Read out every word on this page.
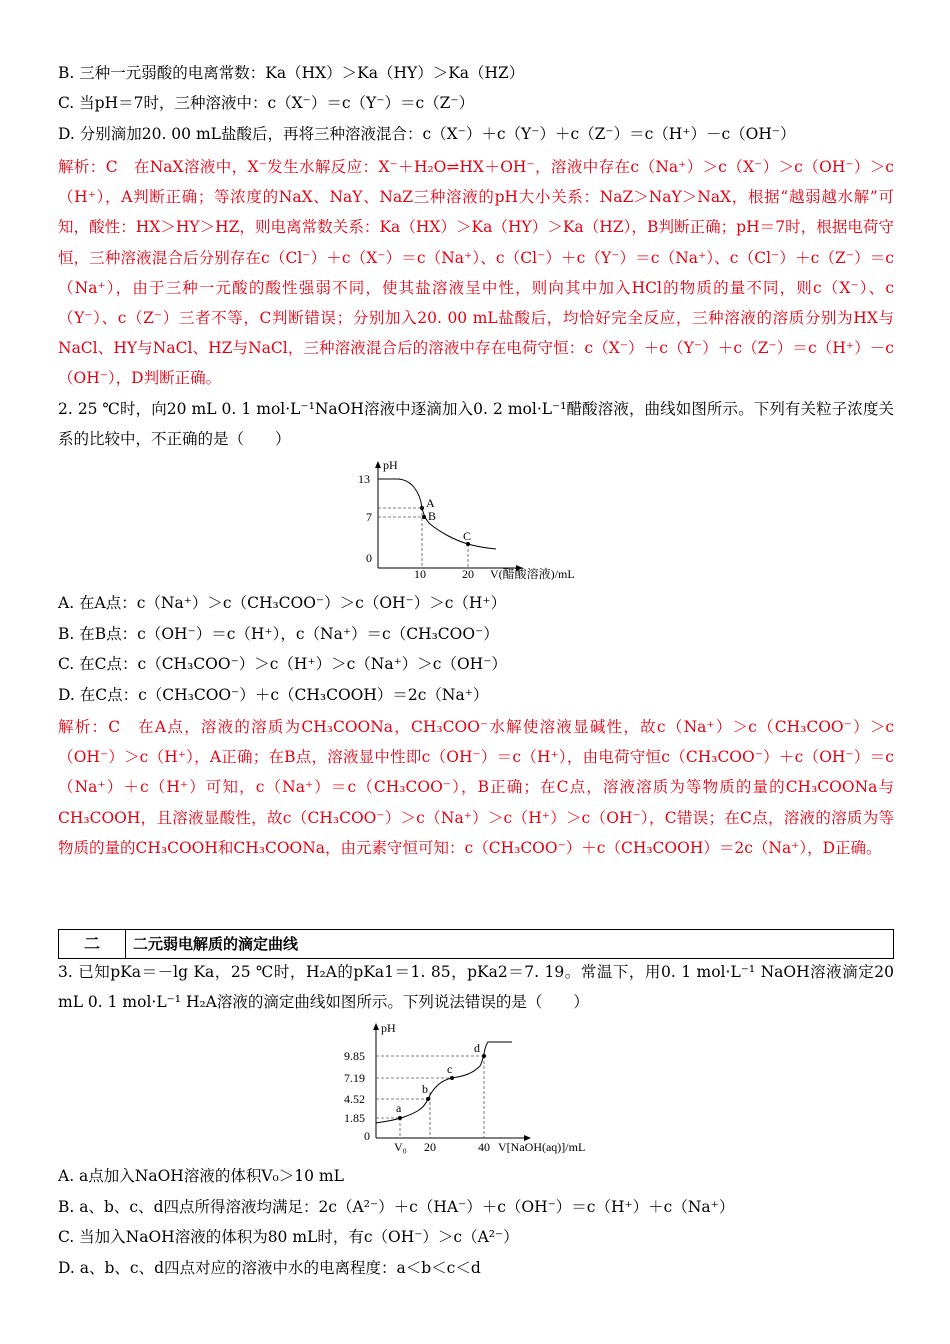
B. 三种一元弱酸的电离常数：Ka（HX）＞Ka（HY）＞Ka（HZ）
C. 当pH＝7时，三种溶液中：c（X⁻）＝c（Y⁻）＝c（Z⁻）
D. 分别滴加20. 00 mL盐酸后，再将三种溶液混合：c（X⁻）＋c（Y⁻）＋c（Z⁻）＝c（H⁺）－c（OH⁻）
解析：C　在NaX溶液中，X⁻发生水解反应：X⁻＋H₂O⇌HX＋OH⁻，溶液中存在c（Na⁺）＞c（X⁻）＞c（OH⁻）＞c（H⁺），A判断正确；等浓度的NaX、NaY、NaZ三种溶液的pH大小关系：NaZ＞NaY＞NaX，根据“越弱越水解”可知，酸性：HX＞HY＞HZ，则电离常数关系：Ka（HX）＞Ka（HY）＞Ka（HZ），B判断正确；pH＝7时，根据电荷守恒，三种溶液混合后分别存在c（Cl⁻）＋c（X⁻）＝c（Na⁺）、c（Cl⁻）＋c（Y⁻）＝c（Na⁺）、c（Cl⁻）＋c（Z⁻）＝c（Na⁺），由于三种一元酸的酸性强弱不同，使其盐溶液呈中性，则向其中加入HCl的物质的量不同，则c（X⁻）、c（Y⁻）、c（Z⁻）三者不等，C判断错误；分别加入20. 00 mL盐酸后，均恰好完全反应，三种溶液的溶质分别为HX与NaCl、HY与NaCl、HZ与NaCl，三种溶液混合后的溶液中存在电荷守恒：c（X⁻）＋c（Y⁻）＋c（Z⁻）＝c（H⁺）－c（OH⁻），D判断正确。
2. 25 ℃时，向20 mL 0. 1 mol·L⁻¹NaOH溶液中逐滴加入0. 2 mol·L⁻¹醋酸溶液，曲线如图所示。下列有关粒子浓度关系的比较中，不正确的是（　　）
pH
13
7
0
A
B
C
10	20 V(醋酸溶液)/mL
A. 在A点：c（Na⁺）＞c（CH₃COO⁻）＞c（OH⁻）＞c（H⁺）
B. 在B点：c（OH⁻）＝c（H⁺），c（Na⁺）＝c（CH₃COO⁻）
C. 在C点：c（CH₃COO⁻）＞c（H⁺）＞c（Na⁺）＞c（OH⁻）
D. 在C点：c（CH₃COO⁻）＋c（CH₃COOH）＝2c（Na⁺）
解析：C　在A点，溶液的溶质为CH₃COONa，CH₃COO⁻水解使溶液显碱性，故c（Na⁺）＞c（CH₃COO⁻）＞c（OH⁻）＞c（H⁺），A正确；在B点，溶液显中性即c（OH⁻）＝c（H⁺），由电荷守恒c（CH₃COO⁻）＋c（OH⁻）＝c（Na⁺）＋c（H⁺）可知，c（Na⁺）＝c（CH₃COO⁻），B正确；在C点，溶液溶质为等物质的量的CH₃COONa与CH₃COOH，且溶液显酸性，故c（CH₃COO⁻）＞c（Na⁺）＞c（H⁺）＞c（OH⁻），C错误；在C点，溶液的溶质为等物质的量的CH₃COOH和CH₃COONa，由元素守恒可知：c（CH₃COO⁻）＋c（CH₃COOH）＝2c（Na⁺），D正确。
二	二元弱电解质的滴定曲线
3. 已知pKa＝－lg Ka，25 ℃时，H₂A的pKa1＝1. 85，pKa2＝7. 19。常温下，用0. 1 mol·L⁻¹ NaOH溶液滴定20 mL 0. 1 mol·L⁻¹ H₂A溶液的滴定曲线如图所示。下列说法错误的是（　　）
pH
9.85
7.19
4.52
1.85
0
a
b
c
d
V₀ 20	40 V[NaOH(aq)]/mL
A. a点加入NaOH溶液的体积V₀＞10 mL
B. a、b、c、d四点所得溶液均满足：2c（A²⁻）＋c（HA⁻）＋c（OH⁻）＝c（H⁺）＋c（Na⁺）
C. 当加入NaOH溶液的体积为80 mL时，有c（OH⁻）＞c（A²⁻）
D. a、b、c、d四点对应的溶液中水的电离程度：a＜b＜c＜d
